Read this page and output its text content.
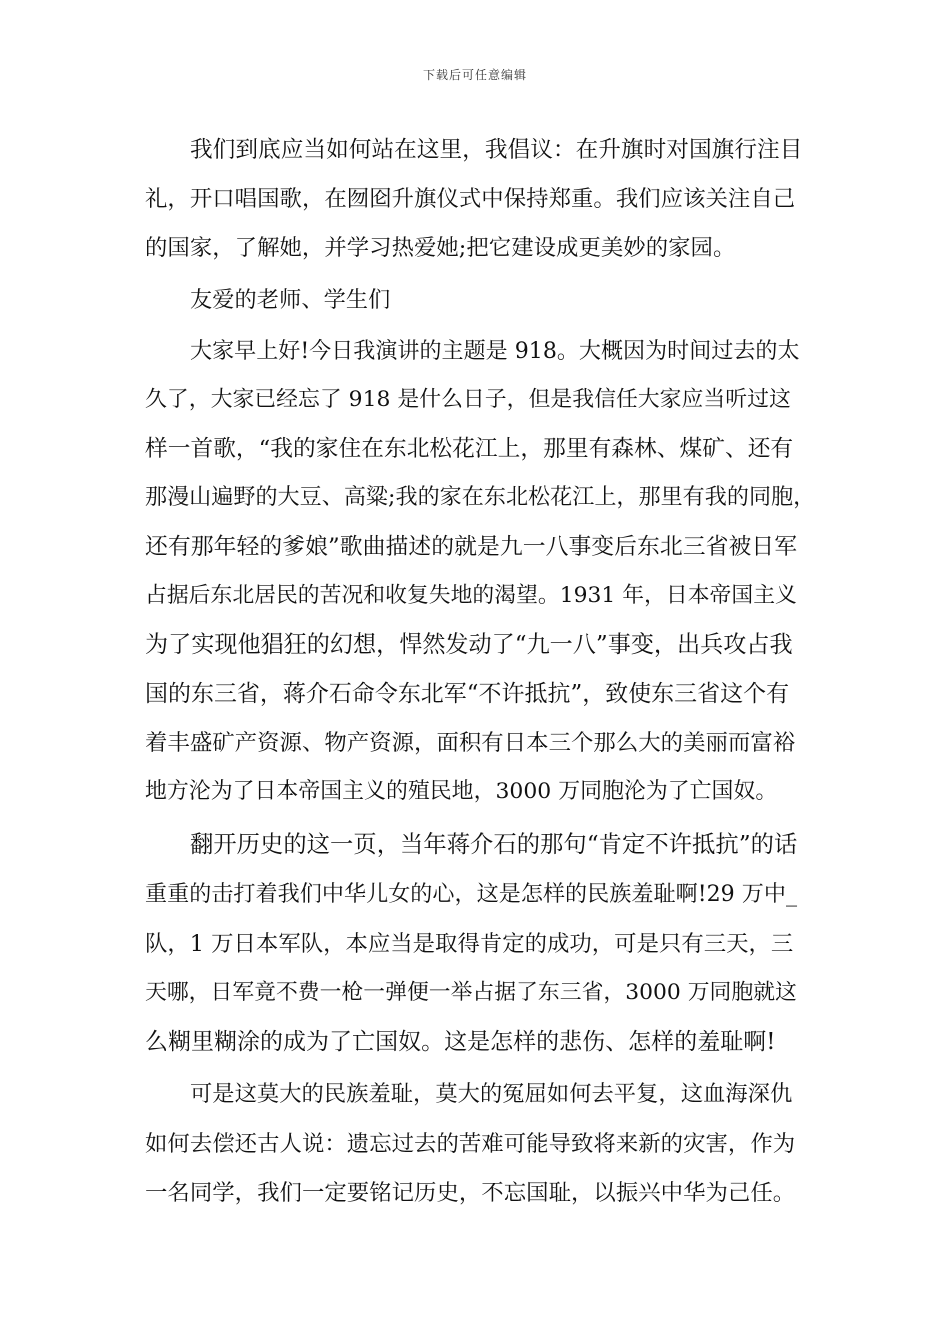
下载后可任意编辑
我们到底应当如何站在这里，我倡议：在升旗时对国旗行注目
礼，开口唱国歌，在囫囵升旗仪式中保持郑重。我们应该关注自己
的国家，了解她，并学习热爱她;把它建设成更美妙的家园。
友爱的老师、学生们
大家早上好!今日我演讲的主题是 918。大概因为时间过去的太
久了，大家已经忘了 918 是什么日子，但是我信任大家应当听过这
样一首歌，“我的家住在东北松花江上，那里有森林、煤矿、还有
那漫山遍野的大豆、高粱;我的家在东北松花江上，那里有我的同胞，
还有那年轻的爹娘”歌曲描述的就是九一八事变后东北三省被日军
占据后东北居民的苦况和收复失地的渴望。1931 年，日本帝国主义
为了实现他猖狂的幻想，悍然发动了“九一八”事变，出兵攻占我
国的东三省，蒋介石命令东北军“不许抵抗”，致使东三省这个有
着丰盛矿产资源、物产资源，面积有日本三个那么大的美丽而富裕
地方沦为了日本帝国主义的殖民地，3000 万同胞沦为了亡国奴。
翻开历史的这一页，当年蒋介石的那句“肯定不许抵抗”的话
重重的击打着我们中华儿女的心，这是怎样的民族羞耻啊!29 万中_
队，1 万日本军队，本应当是取得肯定的成功，可是只有三天，三
天哪，日军竟不费一枪一弹便一举占据了东三省，3000 万同胞就这
么糊里糊涂的成为了亡国奴。这是怎样的悲伤、怎样的羞耻啊!
可是这莫大的民族羞耻，莫大的冤屈如何去平复，这血海深仇
如何去偿还古人说：遗忘过去的苦难可能导致将来新的灾害，作为
一名同学，我们一定要铭记历史，不忘国耻，以振兴中华为己任。
